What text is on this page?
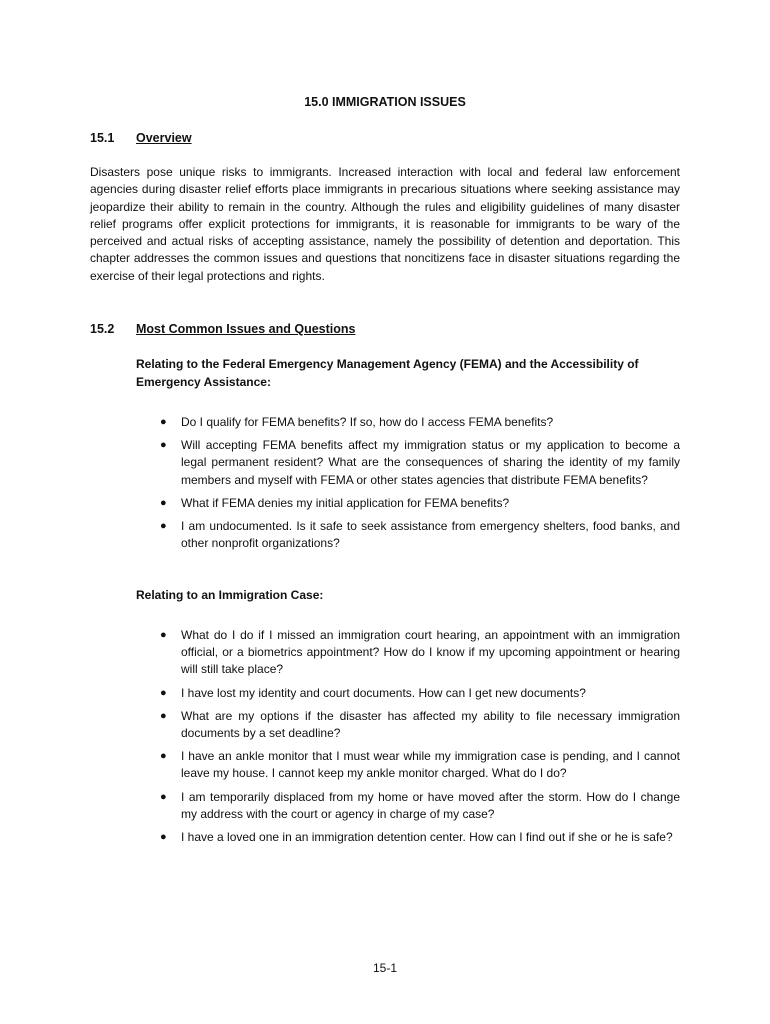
15.0 IMMIGRATION ISSUES
15.1 Overview
Disasters pose unique risks to immigrants. Increased interaction with local and federal law enforcement agencies during disaster relief efforts place immigrants in precarious situations where seeking assistance may jeopardize their ability to remain in the country. Although the rules and eligibility guidelines of many disaster relief programs offer explicit protections for immigrants, it is reasonable for immigrants to be wary of the perceived and actual risks of accepting assistance, namely the possibility of detention and deportation. This chapter addresses the common issues and questions that noncitizens face in disaster situations regarding the exercise of their legal protections and rights.
15.2 Most Common Issues and Questions
Relating to the Federal Emergency Management Agency (FEMA) and the Accessibility of Emergency Assistance:
● Do I qualify for FEMA benefits? If so, how do I access FEMA benefits?
● Will accepting FEMA benefits affect my immigration status or my application to become a legal permanent resident? What are the consequences of sharing the identity of my family members and myself with FEMA or other states agencies that distribute FEMA benefits?
● What if FEMA denies my initial application for FEMA benefits?
● I am undocumented. Is it safe to seek assistance from emergency shelters, food banks, and other nonprofit organizations?
Relating to an Immigration Case:
● What do I do if I missed an immigration court hearing, an appointment with an immigration official, or a biometrics appointment? How do I know if my upcoming appointment or hearing will still take place?
● I have lost my identity and court documents. How can I get new documents?
● What are my options if the disaster has affected my ability to file necessary immigration documents by a set deadline?
● I have an ankle monitor that I must wear while my immigration case is pending, and I cannot leave my house. I cannot keep my ankle monitor charged. What do I do?
● I am temporarily displaced from my home or have moved after the storm. How do I change my address with the court or agency in charge of my case?
● I have a loved one in an immigration detention center. How can I find out if she or he is safe?
15-1
